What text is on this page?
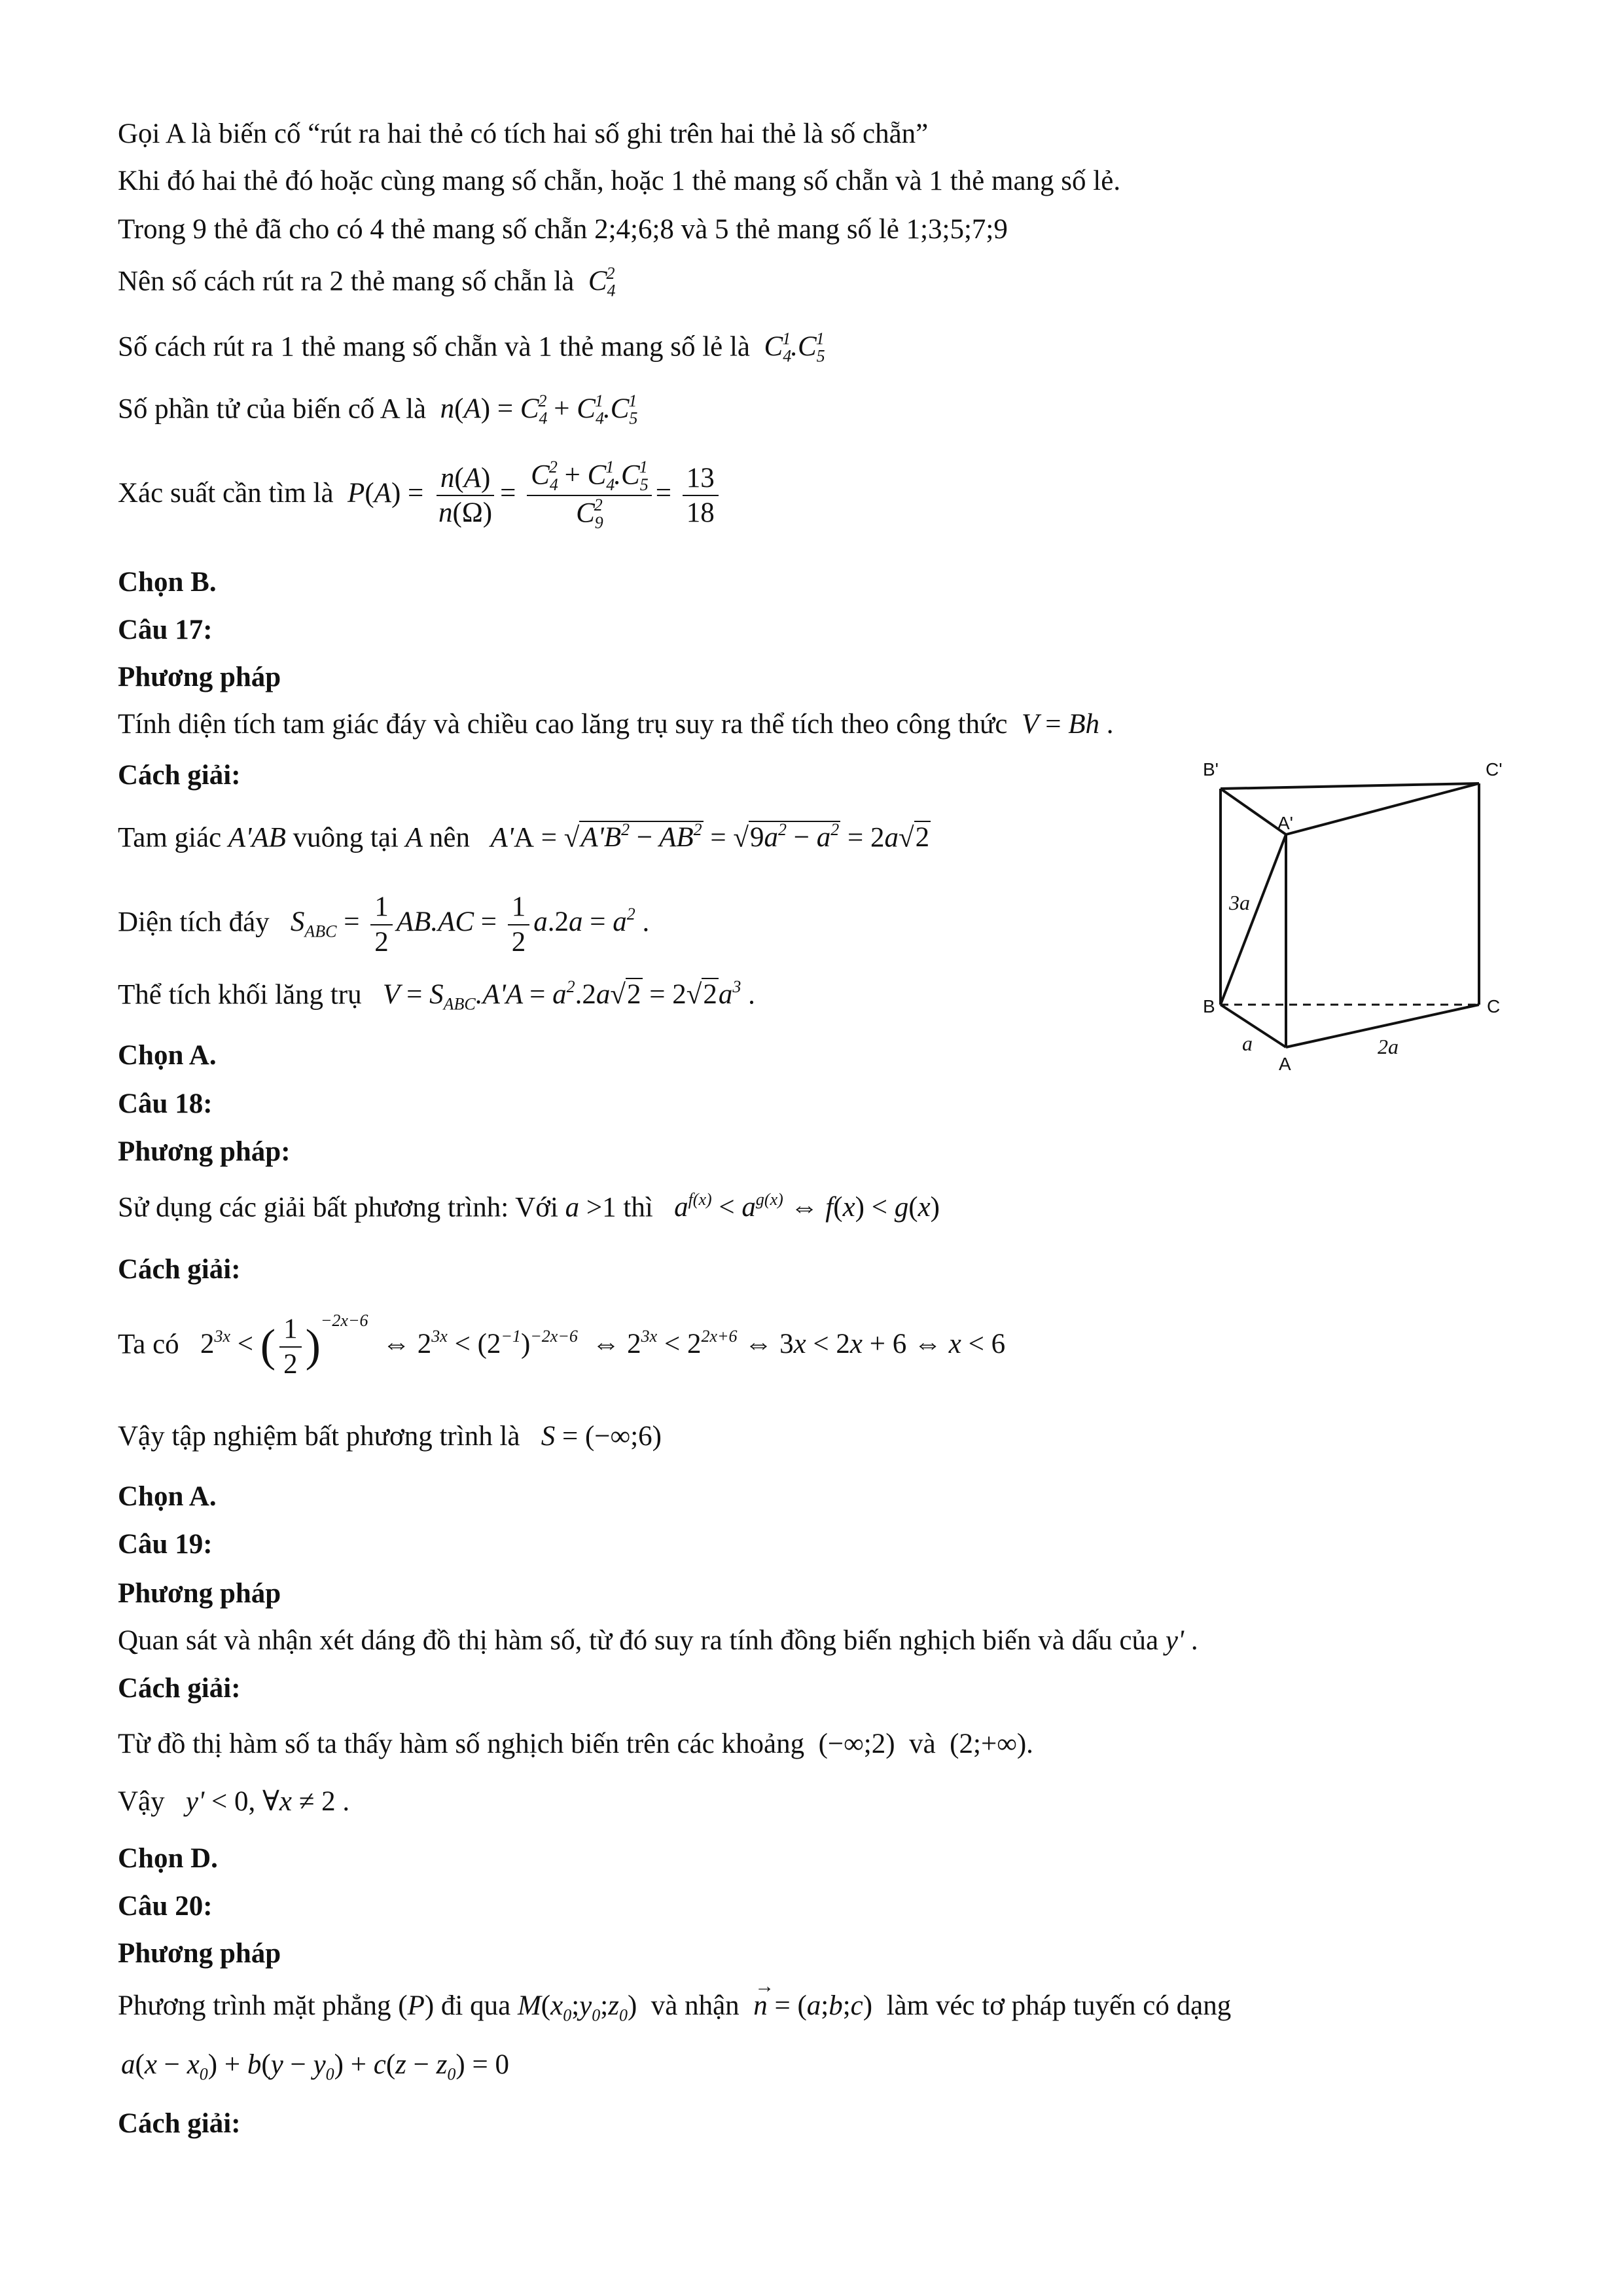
Gọi A là biến cố “rút ra hai thẻ có tích hai số ghi trên hai thẻ là số chẵn”
Khi đó hai thẻ đó hoặc cùng mang số chẵn, hoặc 1 thẻ mang số chẵn và 1 thẻ mang số lẻ.
Trong 9 thẻ đã cho có 4 thẻ mang số chẵn 2;4;6;8 và 5 thẻ mang số lẻ 1;3;5;7;9
Nên số cách rút ra 2 thẻ mang số chẵn là  $C_4^2$
Số cách rút ra 1 thẻ mang số chẵn và 1 thẻ mang số lẻ là  $C_4^1.C_5^1$
Số phần tử của biến cố A là  $n(A) = C_4^2 + C_4^1.C_5^1$
Xác suất cần tìm là  $P(A) = \frac{n(A)}{n(\Omega)} = \frac{C_4^2 + C_4^1.C_5^1}{C_9^2} = \frac{13}{18}$
Chọn B.
Câu 17:
Phương pháp
Tính diện tích tam giác đáy và chiều cao lăng trụ suy ra thể tích theo công thức  V = Bh .
Cách giải:
Tam giác A'AB vuông tại A nên   $A'A = √A'B^2 - AB^2 = √9a^2 - a^2 = 2a√2$
Diện tích đáy   $S_{ABC} = \frac{1}{2} AB.AC = \frac{1}{2} a.2a = a^2$ .
Thể tích khối lăng trụ   $V = S_{ABC}.A'A = a^2.2a√2 = 2√2a^3$ .
Chọn A.
Câu 18:
Phương pháp:
Sử dụng các giải bất phương trình: Với a >1 thì   $a^{f(x)} < a^{g(x)}$ ⇔ f(x) < g(x)
Cách giải:
Ta có $2^{3x}$ < ( $\frac{1}{2} )^{-2x-6}$  ⇔ $2^{3x} < (2^{-1})^{-2x-6}$ ⇔ $2^{3x} < 2^{2x+6}$ ⇔ 3x < 2x + 6 ⇔ x < 6
Vậy tập nghiệm bất phương trình là   S = (−∞;6)
Chọn A.
Câu 19:
Phương pháp
Quan sát và nhận xét dáng đồ thị hàm số, từ đó suy ra tính đồng biến nghịch biến và dấu của y' .
Cách giải:
Từ đồ thị hàm số ta thấy hàm số nghịch biến trên các khoảng  (−∞;2)  và  (2;+∞).
Vậy   y' < 0, ∀x ≠ 2 .
Chọn D.
Câu 20:
Phương pháp
Phương trình mặt phẳng (P) đi qua $M(x_0;y_0;z_0)$ và nhận n
→
= (a;b;c) làm véc tơ pháp tuyến có dạng
$a(x - x_0) + b(y - y_0) + c(z - z_0) = 0$
Cách giải:
B'	C'
A'
B	C
A
3a
a	2a
